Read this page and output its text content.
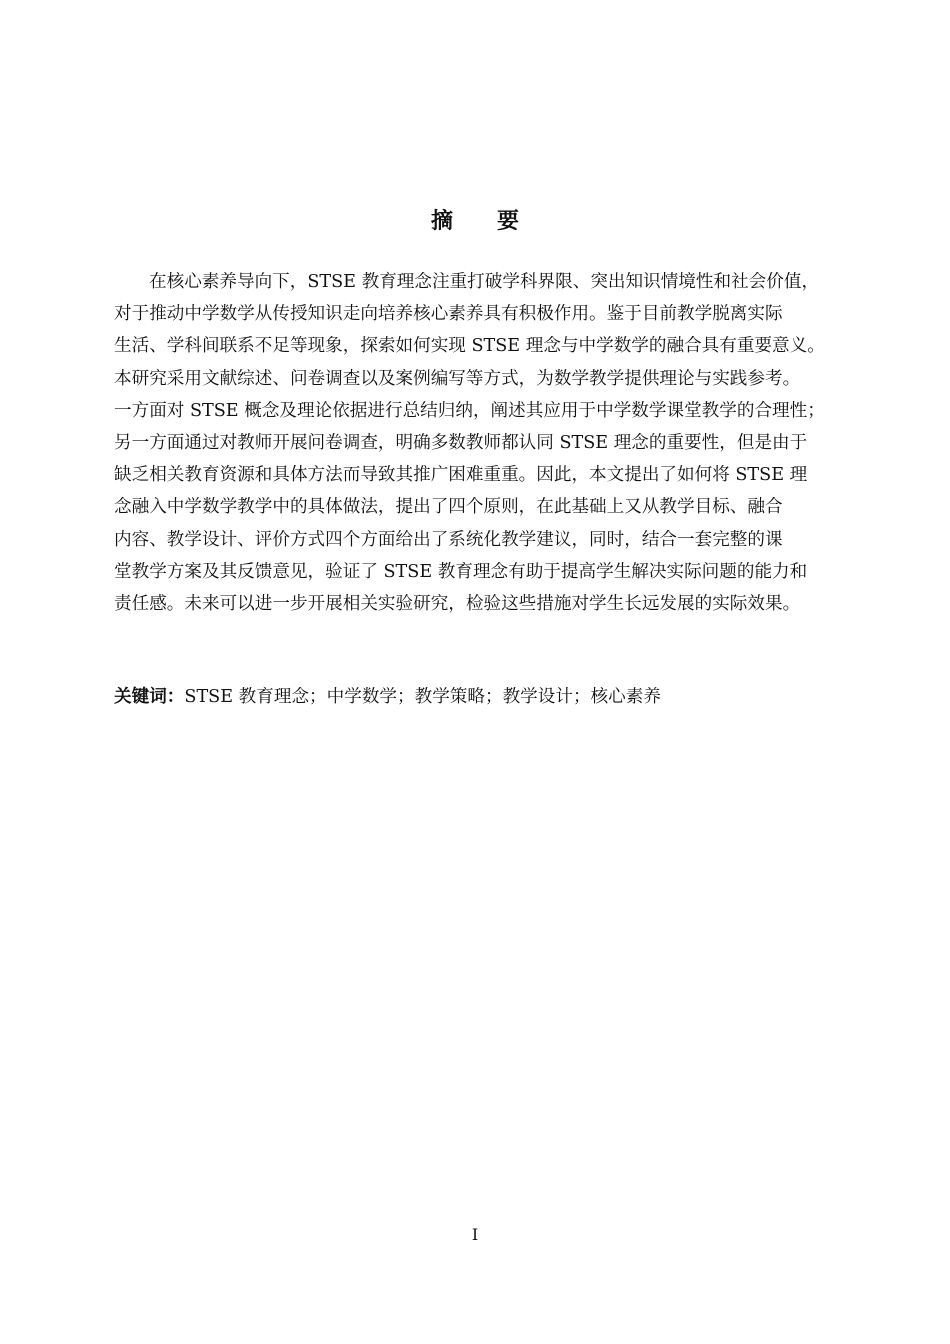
摘 要
在核心素养导向下，STSE 教育理念注重打破学科界限、突出知识情境性和社会价值，
对于推动中学数学从传授知识走向培养核心素养具有积极作用。鉴于目前教学脱离实际
生活、学科间联系不足等现象，探索如何实现 STSE 理念与中学数学的融合具有重要意义。
本研究采用文献综述、问卷调查以及案例编写等方式，为数学教学提供理论与实践参考。
一方面对 STSE 概念及理论依据进行总结归纳，阐述其应用于中学数学课堂教学的合理性；
另一方面通过对教师开展问卷调查，明确多数教师都认同 STSE 理念的重要性，但是由于
缺乏相关教育资源和具体方法而导致其推广困难重重。因此，本文提出了如何将 STSE 理
念融入中学数学教学中的具体做法，提出了四个原则，在此基础上又从教学目标、融合
内容、教学设计、评价方式四个方面给出了系统化教学建议，同时，结合一套完整的课
堂教学方案及其反馈意见，验证了 STSE 教育理念有助于提高学生解决实际问题的能力和
责任感。未来可以进一步开展相关实验研究，检验这些措施对学生长远发展的实际效果。
关键词：STSE 教育理念；中学数学；教学策略；教学设计；核心素养
I
